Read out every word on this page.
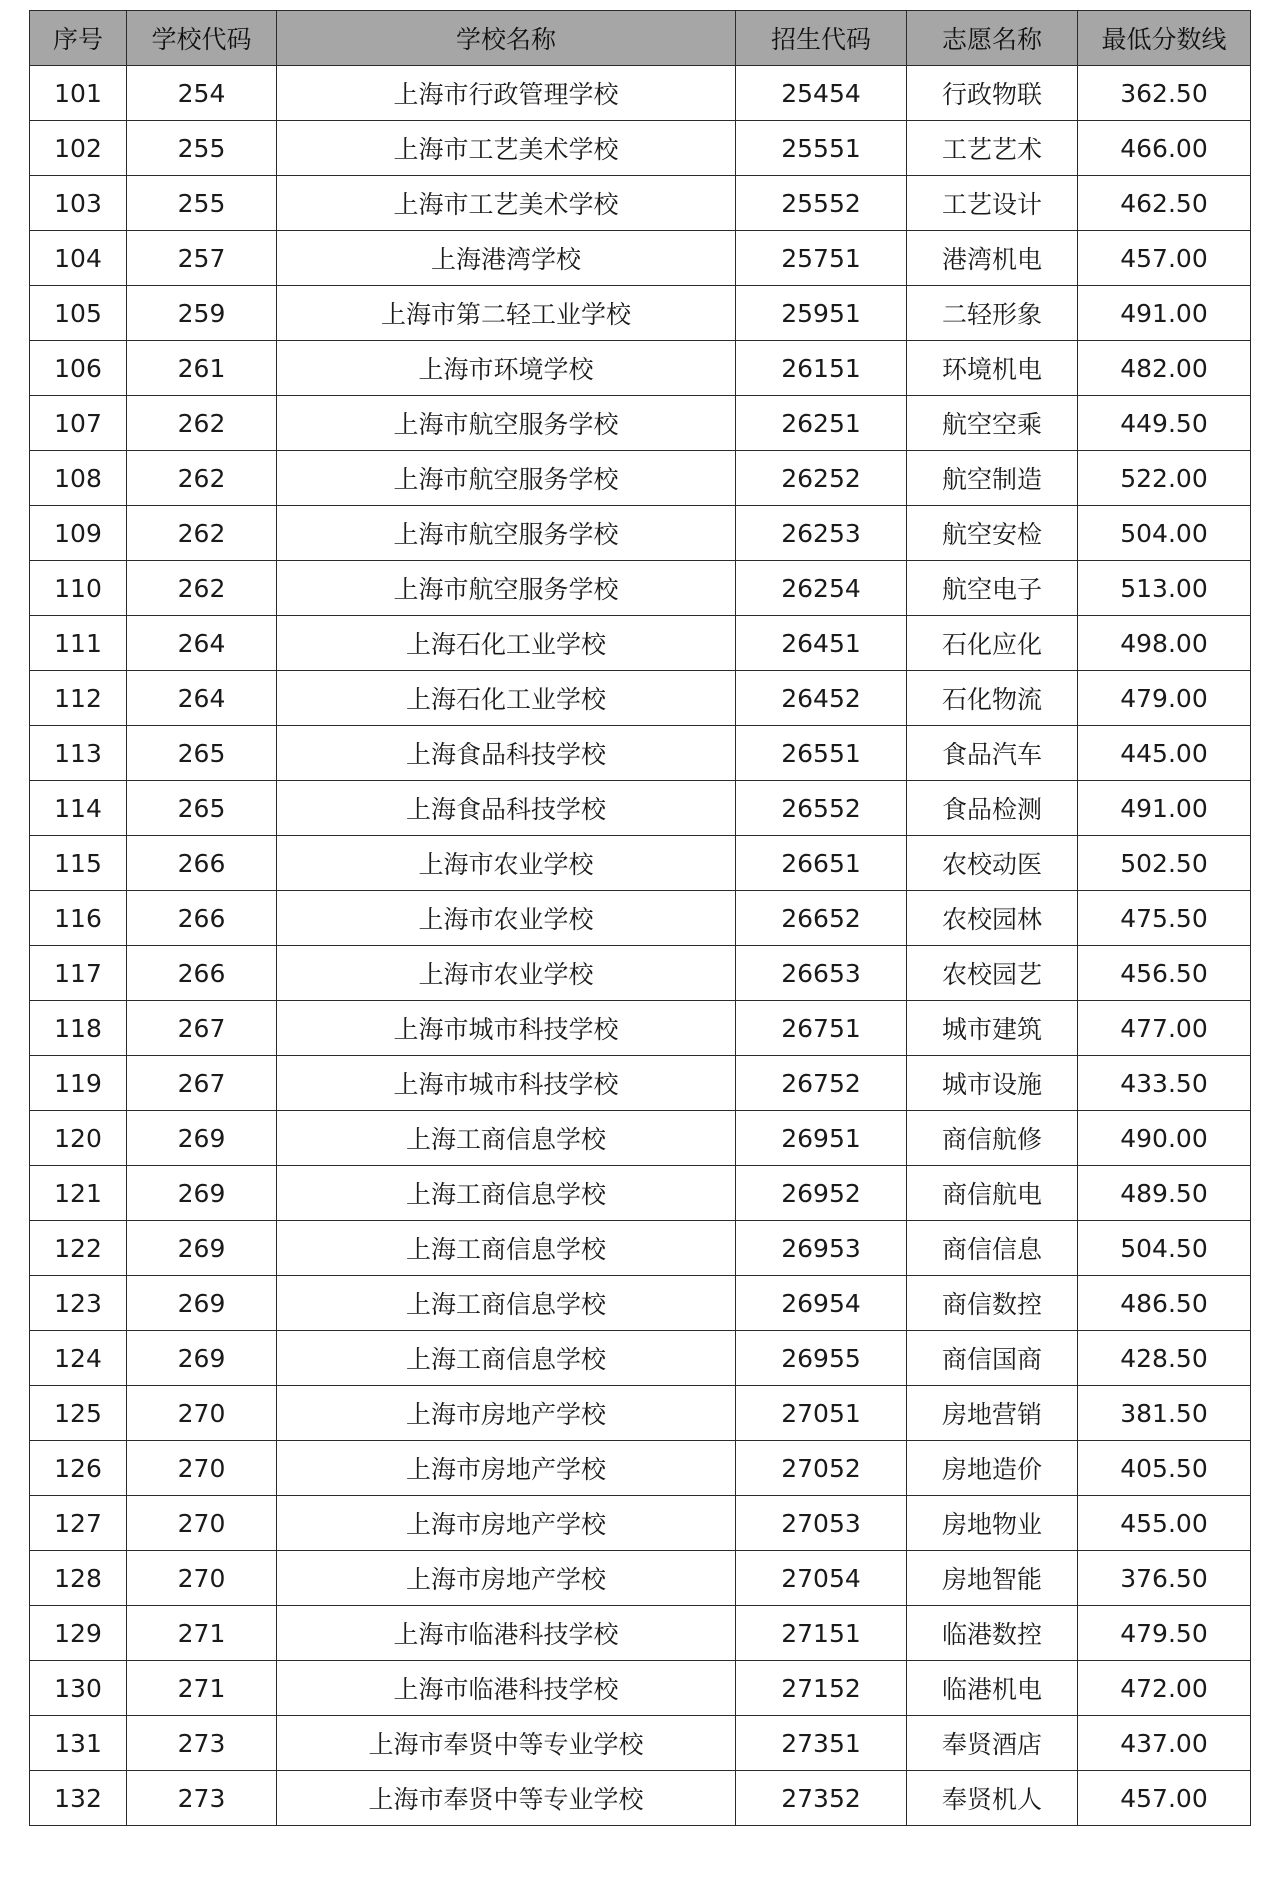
序号	学校代码	学校名称	招生代码	志愿名称	最低分数线
101	254	上海市行政管理学校	25454	行政物联	362.50
102	255	上海市工艺美术学校	25551	工艺艺术	466.00
103	255	上海市工艺美术学校	25552	工艺设计	462.50
104	257	上海港湾学校	25751	港湾机电	457.00
105	259	上海市第二轻工业学校	25951	二轻形象	491.00
106	261	上海市环境学校	26151	环境机电	482.00
107	262	上海市航空服务学校	26251	航空空乘	449.50
108	262	上海市航空服务学校	26252	航空制造	522.00
109	262	上海市航空服务学校	26253	航空安检	504.00
110	262	上海市航空服务学校	26254	航空电子	513.00
111	264	上海石化工业学校	26451	石化应化	498.00
112	264	上海石化工业学校	26452	石化物流	479.00
113	265	上海食品科技学校	26551	食品汽车	445.00
114	265	上海食品科技学校	26552	食品检测	491.00
115	266	上海市农业学校	26651	农校动医	502.50
116	266	上海市农业学校	26652	农校园林	475.50
117	266	上海市农业学校	26653	农校园艺	456.50
118	267	上海市城市科技学校	26751	城市建筑	477.00
119	267	上海市城市科技学校	26752	城市设施	433.50
120	269	上海工商信息学校	26951	商信航修	490.00
121	269	上海工商信息学校	26952	商信航电	489.50
122	269	上海工商信息学校	26953	商信信息	504.50
123	269	上海工商信息学校	26954	商信数控	486.50
124	269	上海工商信息学校	26955	商信国商	428.50
125	270	上海市房地产学校	27051	房地营销	381.50
126	270	上海市房地产学校	27052	房地造价	405.50
127	270	上海市房地产学校	27053	房地物业	455.00
128	270	上海市房地产学校	27054	房地智能	376.50
129	271	上海市临港科技学校	27151	临港数控	479.50
130	271	上海市临港科技学校	27152	临港机电	472.00
131	273	上海市奉贤中等专业学校	27351	奉贤酒店	437.00
132	273	上海市奉贤中等专业学校	27352	奉贤机人	457.00
